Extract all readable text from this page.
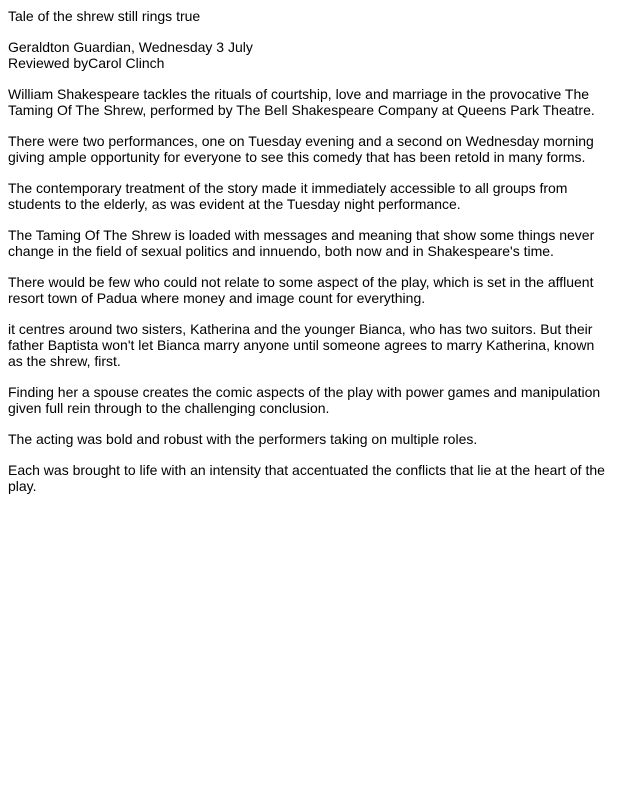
Tale of the shrew still rings true

Geraldton Guardian, Wednesday 3 July

Reviewed byCarol Clinch

William Shakespeare tackles the rituals of courtship, love and marriage in the provocative The Taming Of The Shrew, performed by The Bell Shakespeare Company at Queens Park Theatre.

There were two performances, one on Tuesday evening and a second on Wednesday morning giving ample opportunity for everyone to see this comedy that has been retold in many forms.

The contemporary treatment of the story made it immediately accessible to all groups from students to the elderly, as was evident at the Tuesday night performance.

The Taming Of The Shrew is loaded with messages and meaning that show some things never change in the field of sexual politics and innuendo, both now and in Shakespeare's time.

There would be few who could not relate to some aspect of the play, which is set in the affluent resort town of Padua where money and image count for everything.

it centres around two sisters, Katherina and the younger Bianca, who has two suitors. But their father Baptista won't let Bianca marry anyone until someone agrees to marry Katherina, known as the shrew, first.

Finding her a spouse creates the comic aspects of the play with power games and manipulation given full rein through to the challenging conclusion.

The acting was bold and robust with the performers taking on multiple roles.

Each was brought to life with an intensity that accentuated the conflicts that lie at the heart of the play.
